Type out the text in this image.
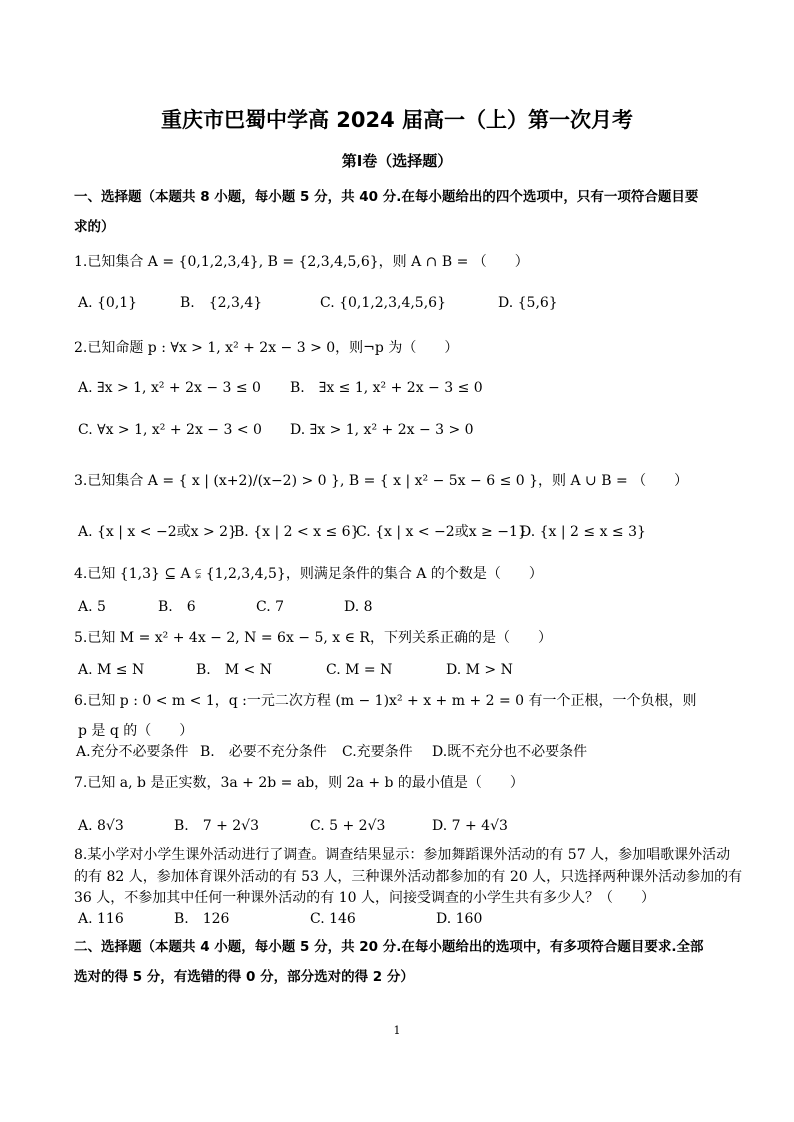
重庆市巴蜀中学高 2024 届高一（上）第一次月考
第Ⅰ卷（选择题）
一、选择题（本题共 8 小题，每小题 5 分，共 40 分.在每小题给出的四个选项中，只有一项符合题目要
求的）
1.已知集合 A = {0,1,2,3,4}, B = {2,3,4,5,6}，则 A ∩ B = （　　）
A. {0,1}	B.　{2,3,4}	C. {0,1,2,3,4,5,6}	D. {5,6}
2.已知命题 p : ∀x > 1, x² + 2x − 3 > 0，则¬p 为（　　）
A. ∃x > 1, x² + 2x − 3 ≤ 0 B.　∃x ≤ 1, x² + 2x − 3 ≤ 0
C. ∀x > 1, x² + 2x − 3 < 0 D. ∃x > 1, x² + 2x − 3 > 0
3.已知集合 A = { x | (x+2)/(x−2) > 0 }, B = { x | x² − 5x − 6 ≤ 0 }，则 A ∪ B = （　　）
A. {x | x < −2或x > 2}
B. {x | 2 < x ≤ 6}
C. {x | x < −2或x ≥ −1}
D. {x | 2 ≤ x ≤ 3}
4.已知 {1,3} ⊆ A ⫋ {1,2,3,4,5}，则满足条件的集合 A 的个数是（　　）
A. 5	B.　6	C. 7	D. 8
5.已知 M = x² + 4x − 2, N = 6x − 5, x ∈ R，下列关系正确的是（　　）
A. M ≤ N	B.　M < N	C. M = N	D. M > N
6.已知 p : 0 < m < 1，q :一元二次方程 (m − 1)x² + x + m + 2 = 0 有一个正根，一个负根，则
p 是 q 的（　　）
A.充分不必要条件 B.　必要不充分条件 C.充要条件 D.既不充分也不必要条件
7.已知 a, b 是正实数，3a + 2b = ab，则 2a + b 的最小值是（　　）
A. 8√3	B.　7 + 2√3	C. 5 + 2√3	D. 7 + 4√3
8.某小学对小学生课外活动进行了调查。调查结果显示：参加舞蹈课外活动的有 57 人，参加唱歌课外活动
的有 82 人，参加体育课外活动的有 53 人，三种课外活动都参加的有 20 人，只选择两种课外活动参加的有
36 人，不参加其中任何一种课外活动的有 10 人，问接受调查的小学生共有多少人？（　　）
A. 116	B.　126	C. 146	D. 160
二、选择题（本题共 4 小题，每小题 5 分，共 20 分.在每小题给出的选项中，有多项符合题目要求.全部
选对的得 5 分，有选错的得 0 分，部分选对的得 2 分）
1
